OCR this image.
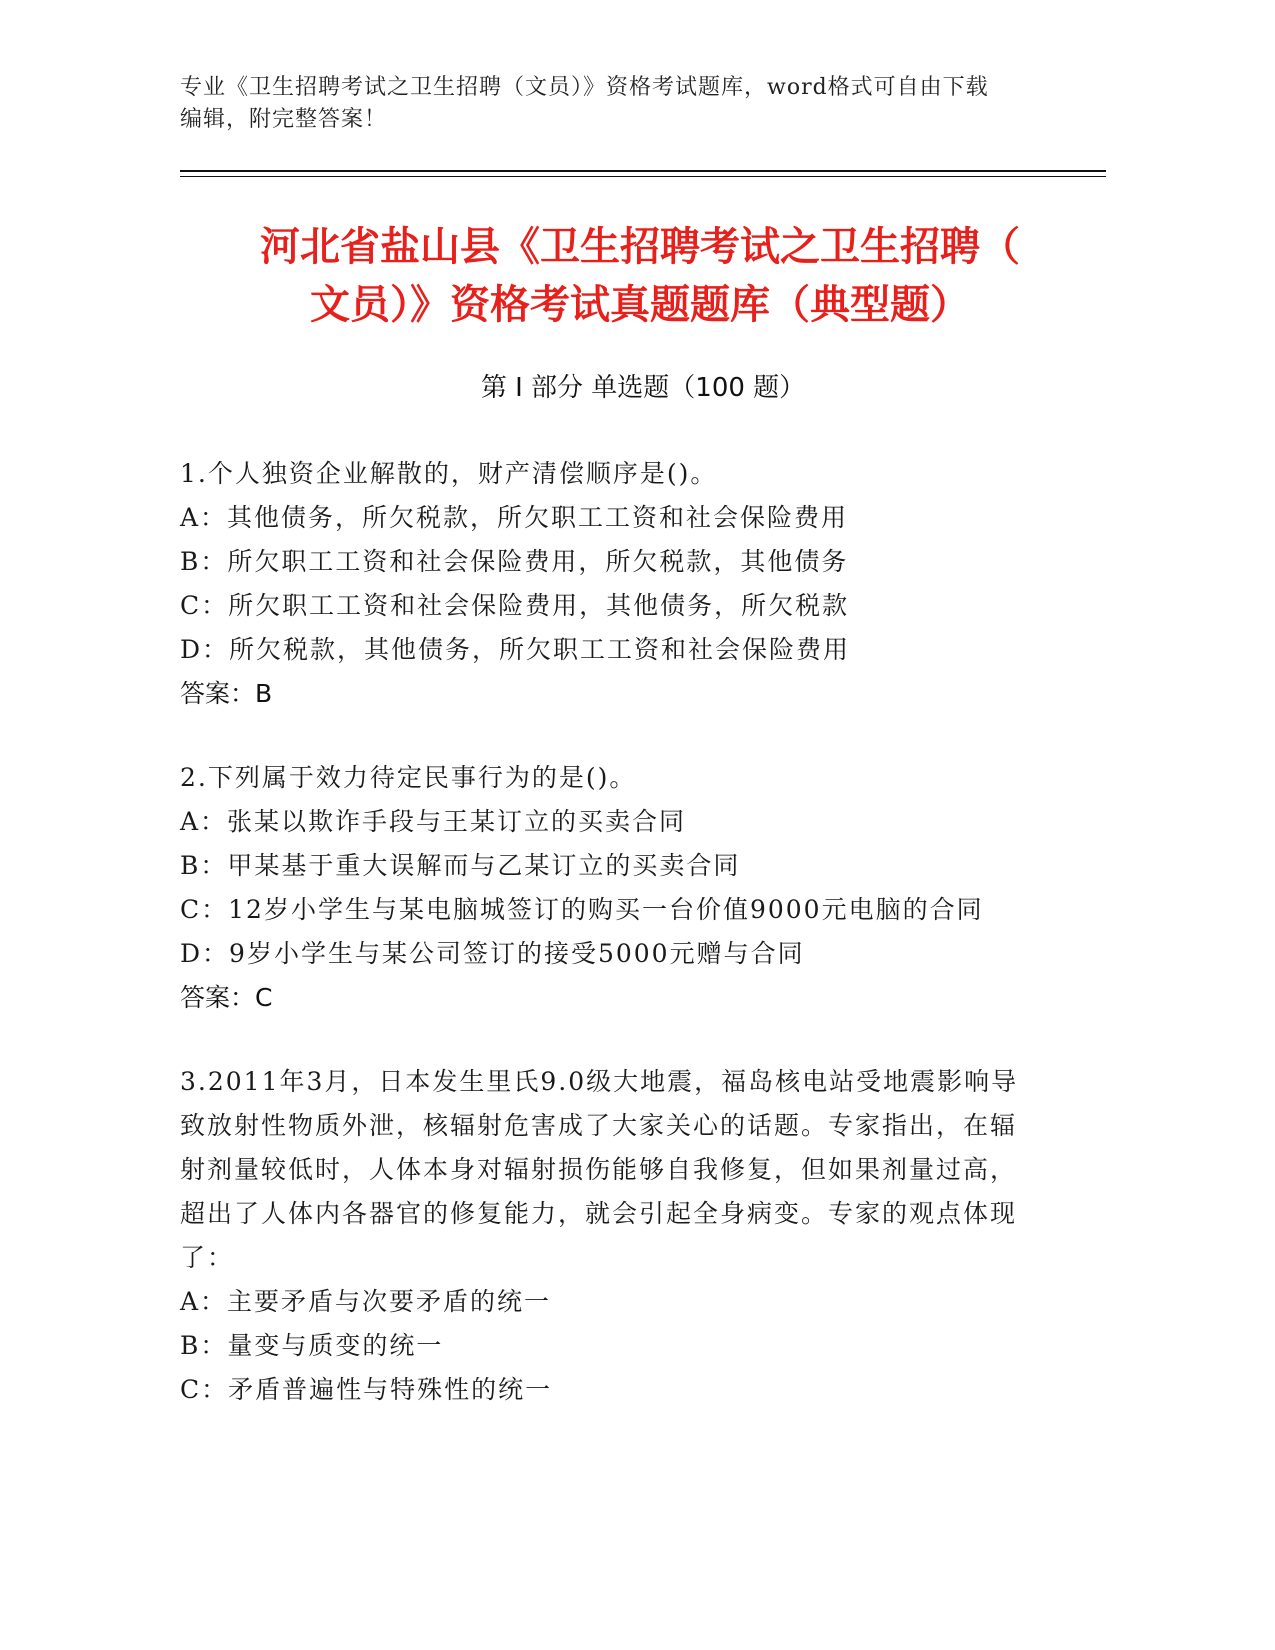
专业《卫生招聘考试之卫生招聘（文员）》资格考试题库，word格式可自由下载
编辑，附完整答案！
河北省盐山县《卫生招聘考试之卫生招聘（
文员）》资格考试真题题库（典型题）
第 I 部分 单选题（100 题）
1.个人独资企业解散的，财产清偿顺序是()。
A：其他债务，所欠税款，所欠职工工资和社会保险费用
B：所欠职工工资和社会保险费用，所欠税款，其他债务
C：所欠职工工资和社会保险费用，其他债务，所欠税款
D：所欠税款，其他债务，所欠职工工资和社会保险费用
答案：B
2.下列属于效力待定民事行为的是()。
A：张某以欺诈手段与王某订立的买卖合同
B：甲某基于重大误解而与乙某订立的买卖合同
C：12岁小学生与某电脑城签订的购买一台价值9000元电脑的合同
D：9岁小学生与某公司签订的接受5000元赠与合同
答案：C
3.2011年3月，日本发生里氏9.0级大地震，福岛核电站受地震影响导致放射性物质外泄，核辐射危害成了大家关心的话题。专家指出，在辐射剂量较低时，人体本身对辐射损伤能够自我修复，但如果剂量过高，超出了人体内各器官的修复能力，就会引起全身病变。专家的观点体现了：
A：主要矛盾与次要矛盾的统一
B：量变与质变的统一
C：矛盾普遍性与特殊性的统一
